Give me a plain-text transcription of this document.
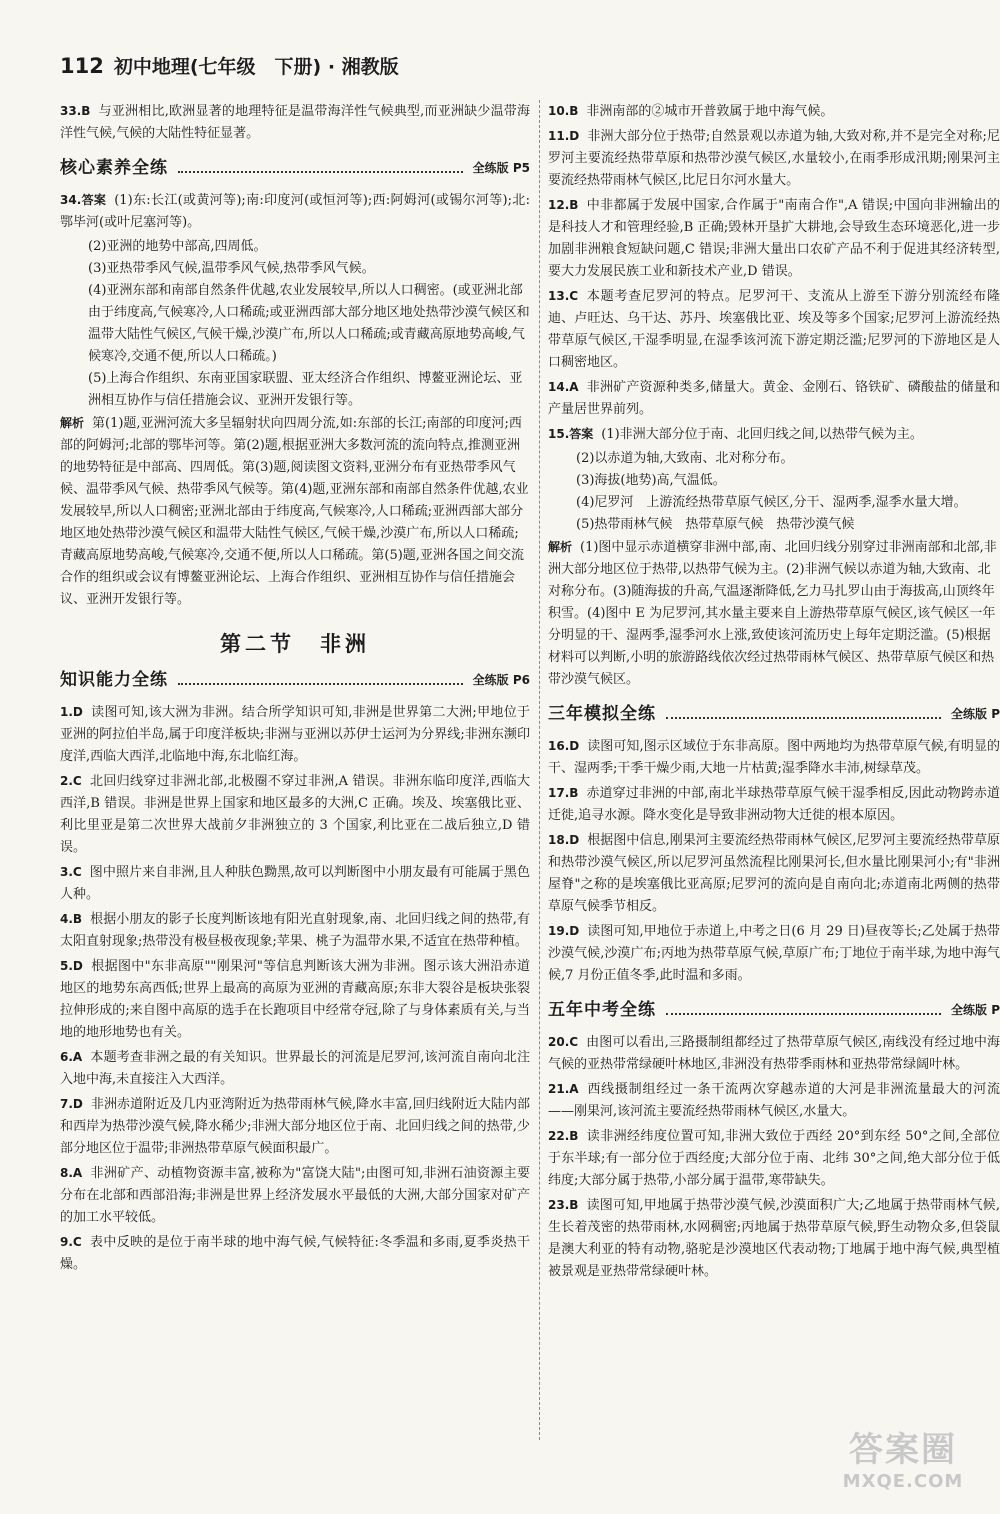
112 初中地理(七年级　下册) · 湘教版

33.B 与亚洲相比,欧洲显著的地理特征是温带海洋性气候典型,而亚洲缺少温带海洋性气候,气候的大陆性特征显著。

核心素养全练	全练版 P5

34.答案 (1)东:长江(或黄河等);南:印度河(或恒河等);西:阿姆河(或锡尔河等);北:鄂毕河(或叶尼塞河等)。

(2)亚洲的地势中部高,四周低。

(3)亚热带季风气候,温带季风气候,热带季风气候。

(4)亚洲东部和南部自然条件优越,农业发展较早,所以人口稠密。(或亚洲北部由于纬度高,气候寒冷,人口稀疏;或亚洲西部大部分地区地处热带沙漠气候区和温带大陆性气候区,气候干燥,沙漠广布,所以人口稀疏;或青藏高原地势高峻,气候寒冷,交通不便,所以人口稀疏。)

(5)上海合作组织、东南亚国家联盟、亚太经济合作组织、博鳌亚洲论坛、亚洲相互协作与信任措施会议、亚洲开发银行等。

解析 第(1)题,亚洲河流大多呈辐射状向四周分流,如:东部的长江;南部的印度河;西部的阿姆河;北部的鄂毕河等。第(2)题,根据亚洲大多数河流的流向特点,推测亚洲的地势特征是中部高、四周低。第(3)题,阅读图文资料,亚洲分布有亚热带季风气候、温带季风气候、热带季风气候等。第(4)题,亚洲东部和南部自然条件优越,农业发展较早,所以人口稠密;亚洲北部由于纬度高,气候寒冷,人口稀疏;亚洲西部大部分地区地处热带沙漠气候区和温带大陆性气候区,气候干燥,沙漠广布,所以人口稀疏;青藏高原地势高峻,气候寒冷,交通不便,所以人口稀疏。第(5)题,亚洲各国之间交流合作的组织或会议有博鳌亚洲论坛、上海合作组织、亚洲相互协作与信任措施会议、亚洲开发银行等。

第二节　非洲
知识能力全练	全练版 P6

1.D 读图可知,该大洲为非洲。结合所学知识可知,非洲是世界第二大洲;甲地位于亚洲的阿拉伯半岛,属于印度洋板块;非洲与亚洲以苏伊士运河为分界线;非洲东濒印度洋,西临大西洋,北临地中海,东北临红海。

2.C 北回归线穿过非洲北部,北极圈不穿过非洲,A 错误。非洲东临印度洋,西临大西洋,B 错误。非洲是世界上国家和地区最多的大洲,C 正确。埃及、埃塞俄比亚、利比里亚是第二次世界大战前夕非洲独立的 3 个国家,利比亚在二战后独立,D 错误。

3.C 图中照片来自非洲,且人种肤色黝黑,故可以判断图中小朋友最有可能属于黑色人种。

4.B 根据小朋友的影子长度判断该地有阳光直射现象,南、北回归线之间的热带,有太阳直射现象;热带没有极昼极夜现象;苹果、桃子为温带水果,不适宜在热带种植。

5.D 根据图中"东非高原""刚果河"等信息判断该大洲为非洲。图示该大洲沿赤道地区的地势东高西低;世界上最高的高原为亚洲的青藏高原;东非大裂谷是板块张裂拉伸形成的;来自图中高原的选手在长跑项目中经常夺冠,除了与身体素质有关,与当地的地形地势也有关。

6.A 本题考查非洲之最的有关知识。世界最长的河流是尼罗河,该河流自南向北注入地中海,未直接注入大西洋。

7.D 非洲赤道附近及几内亚湾附近为热带雨林气候,降水丰富,回归线附近大陆内部和西岸为热带沙漠气候,降水稀少;非洲大部分地区位于南、北回归线之间的热带,少部分地区位于温带;非洲热带草原气候面积最广。

8.A 非洲矿产、动植物资源丰富,被称为"富饶大陆";由图可知,非洲石油资源主要分布在北部和西部沿海;非洲是世界上经济发展水平最低的大洲,大部分国家对矿产的加工水平较低。

9.C 表中反映的是位于南半球的地中海气候,气候特征:冬季温和多雨,夏季炎热干燥。

10.B 非洲南部的②城市开普敦属于地中海气候。

11.D 非洲大部分位于热带;自然景观以赤道为轴,大致对称,并不是完全对称;尼罗河主要流经热带草原和热带沙漠气候区,水量较小,在雨季形成汛期;刚果河主要流经热带雨林气候区,比尼日尔河水量大。

12.B 中非都属于发展中国家,合作属于"南南合作",A 错误;中国向非洲输出的是科技人才和管理经验,B 正确;毁林开垦扩大耕地,会导致生态环境恶化,进一步加剧非洲粮食短缺问题,C 错误;非洲大量出口农矿产品不利于促进其经济转型,要大力发展民族工业和新技术产业,D 错误。

13.C 本题考查尼罗河的特点。尼罗河干、支流从上游至下游分别流经布隆迪、卢旺达、乌干达、苏丹、埃塞俄比亚、埃及等多个国家;尼罗河上游流经热带草原气候区,干湿季明显,在湿季该河流下游定期泛滥;尼罗河的下游地区是人口稠密地区。

14.A 非洲矿产资源种类多,储量大。黄金、金刚石、铬铁矿、磷酸盐的储量和产量居世界前列。

15.答案 (1)非洲大部分位于南、北回归线之间,以热带气候为主。

(2)以赤道为轴,大致南、北对称分布。

(3)海拔(地势)高,气温低。

(4)尼罗河　上游流经热带草原气候区,分干、湿两季,湿季水量大增。

(5)热带雨林气候　热带草原气候　热带沙漠气候

解析 (1)图中显示赤道横穿非洲中部,南、北回归线分别穿过非洲南部和北部,非洲大部分地区位于热带,以热带气候为主。(2)非洲气候以赤道为轴,大致南、北对称分布。(3)随海拔的升高,气温逐渐降低,乞力马扎罗山由于海拔高,山顶终年积雪。(4)图中 E 为尼罗河,其水量主要来自上游热带草原气候区,该气候区一年分明显的干、湿两季,湿季河水上涨,致使该河流历史上每年定期泛滥。(5)根据材料可以判断,小明的旅游路线依次经过热带雨林气候区、热带草原气候区和热带沙漠气候区。

三年模拟全练	全练版 P

16.D 读图可知,图示区域位于东非高原。图中两地均为热带草原气候,有明显的干、湿两季;干季干燥少雨,大地一片枯黄;湿季降水丰沛,树绿草茂。

17.B 赤道穿过非洲的中部,南北半球热带草原气候干湿季相反,因此动物跨赤道迁徙,追寻水源。降水变化是导致非洲动物大迁徙的根本原因。

18.D 根据图中信息,刚果河主要流经热带雨林气候区,尼罗河主要流经热带草原和热带沙漠气候区,所以尼罗河虽然流程比刚果河长,但水量比刚果河小;有"非洲屋脊"之称的是埃塞俄比亚高原;尼罗河的流向是自南向北;赤道南北两侧的热带草原气候季节相反。

19.D 读图可知,甲地位于赤道上,中考之日(6 月 29 日)昼夜等长;乙处属于热带沙漠气候,沙漠广布;丙地为热带草原气候,草原广布;丁地位于南半球,为地中海气候,7 月份正值冬季,此时温和多雨。

五年中考全练	全练版 P

20.C 由图可以看出,三路摄制组都经过了热带草原气候区,南线没有经过地中海气候的亚热带常绿硬叶林地区,非洲没有热带季雨林和亚热带常绿阔叶林。

21.A 西线摄制组经过一条干流两次穿越赤道的大河是非洲流量最大的河流——刚果河,该河流主要流经热带雨林气候区,水量大。

22.B 读非洲经纬度位置可知,非洲大致位于西经 20°到东经 50°之间,全部位于东半球;有一部分位于西经度;大部分位于南、北纬 30°之间,绝大部分位于低纬度;大部分属于热带,小部分属于温带,寒带缺失。

23.B 读图可知,甲地属于热带沙漠气候,沙漠面积广大;乙地属于热带雨林气候,生长着茂密的热带雨林,水网稠密;丙地属于热带草原气候,野生动物众多,但袋鼠是澳大利亚的特有动物,骆驼是沙漠地区代表动物;丁地属于地中海气候,典型植被景观是亚热带常绿硬叶林。

答案圈
MXQE.COM
